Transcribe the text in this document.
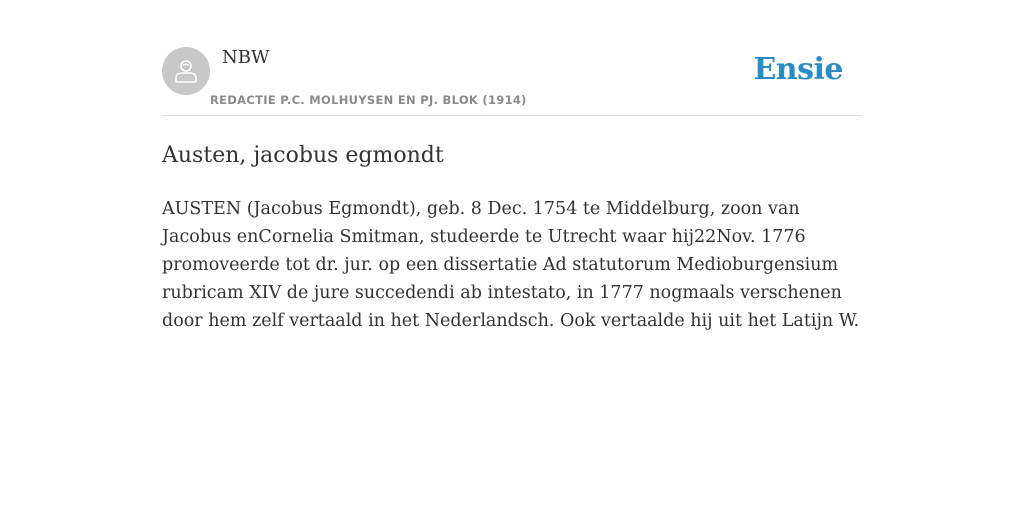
NBW
REDACTIE P.C. MOLHUYSEN EN PJ. BLOK (1914)
Ensie
Austen, jacobus egmondt

AUSTEN (Jacobus Egmondt), geb. 8 Dec. 1754 te Middelburg, zoon van Jacobus enCornelia Smitman, studeerde te Utrecht waar hij22Nov. 1776 promoveerde tot dr. jur. op een dissertatie Ad statutorum Medioburgensium rubricam XIV de jure succedendi ab intestato, in 1777 nogmaals verschenen door hem zelf vertaald in het Nederlandsch. Ook vertaalde hij uit het Latijn W.
